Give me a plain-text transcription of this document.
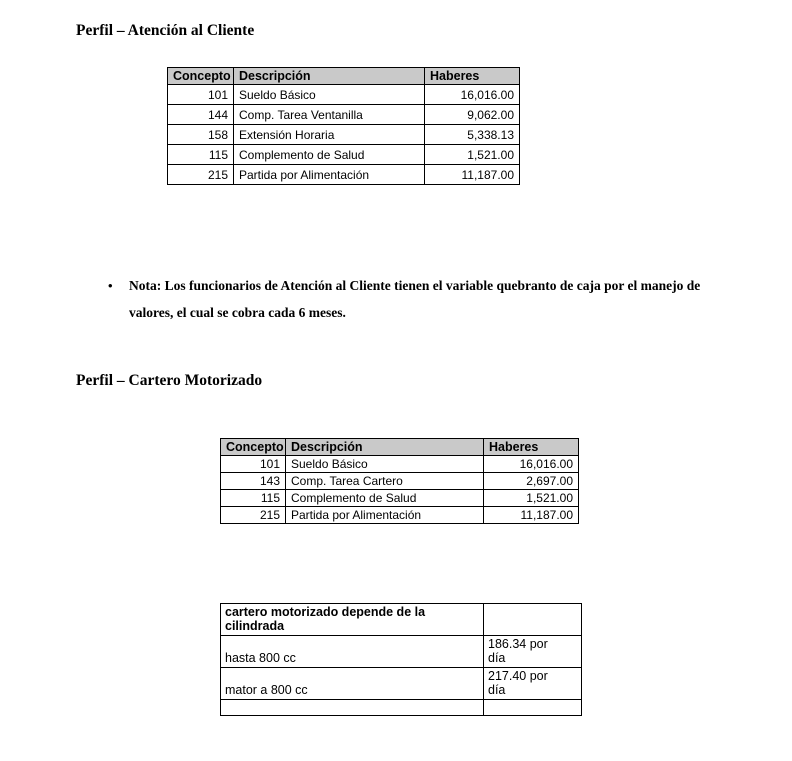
Perfil – Atención al Cliente
Concepto	Descripción	Haberes
101	Sueldo Básico	16,016.00
144	Comp. Tarea Ventanilla	9,062.00
158	Extensión Horaria	5,338.13
115	Complemento de Salud	1,521.00
215	Partida por Alimentación	11,187.00
•	Nota: Los funcionarios de Atención al Cliente tienen el variable quebranto de caja por el manejo de
valores, el cual se cobra cada 6 meses.
Perfil – Cartero Motorizado
Concepto	Descripción	Haberes
101	Sueldo Básico	16,016.00
143	Comp. Tarea Cartero	2,697.00
115	Complemento de Salud	1,521.00
215	Partida por Alimentación	11,187.00
cartero motorizado depende de la cilindrada	
hasta 800 cc	186.34 por día
mator a 800 cc	217.40 por día
